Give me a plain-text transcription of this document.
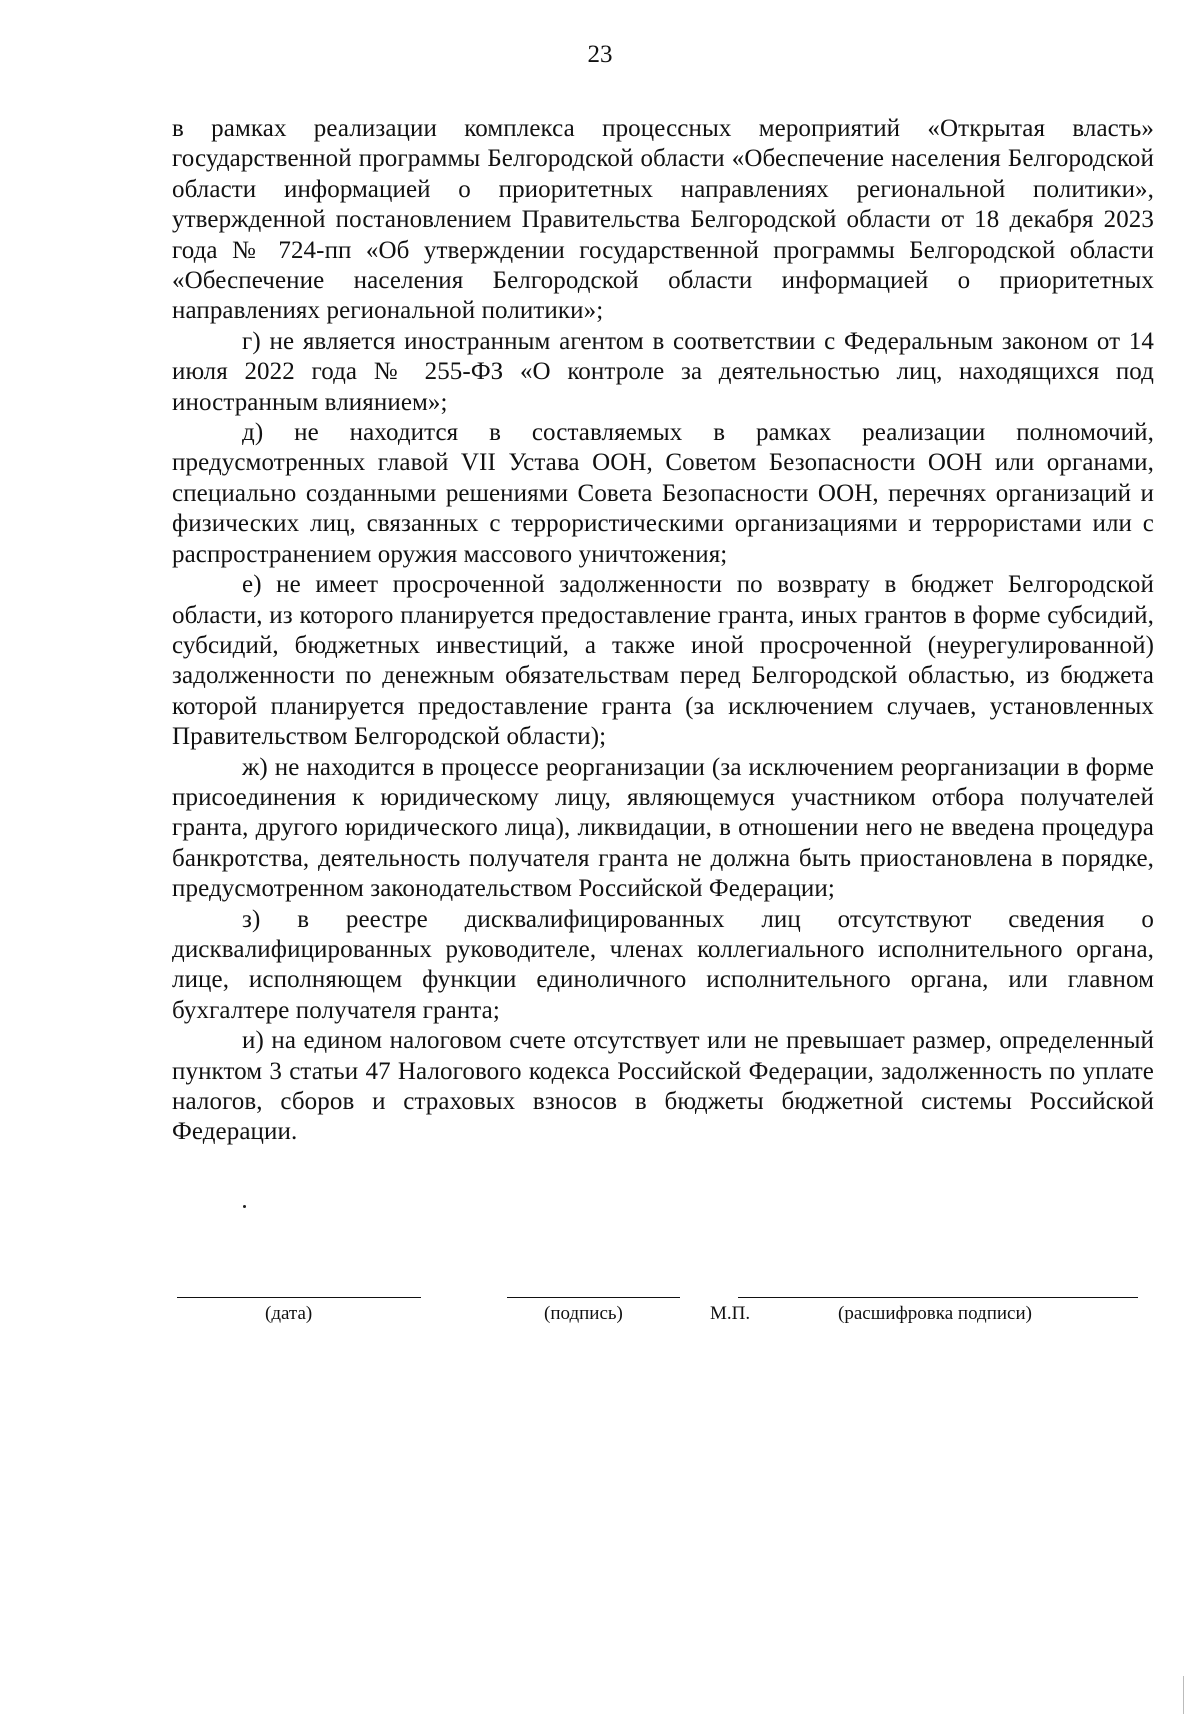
23

в рамках реализации комплекса процессных мероприятий «Открытая власть» государственной программы Белгородской области «Обеспечение населения Белгородской области информацией о приоритетных направлениях региональной политики», утвержденной постановлением Правительства Белгородской области от 18 декабря 2023 года № 724-пп «Об утверждении государственной программы Белгородской области «Обеспечение населения Белгородской области информацией о приоритетных направлениях региональной политики»;

г) не является иностранным агентом в соответствии с Федеральным законом от 14 июля 2022 года № 255-ФЗ «О контроле за деятельностью лиц, находящихся под иностранным влиянием»;

д) не находится в составляемых в рамках реализации полномочий, предусмотренных главой VII Устава ООН, Советом Безопасности ООН или органами, специально созданными решениями Совета Безопасности ООН, перечнях организаций и физических лиц, связанных с террористическими организациями и террористами или с распространением оружия массового уничтожения;

е) не имеет просроченной задолженности по возврату в бюджет Белгородской области, из которого планируется предоставление гранта, иных грантов в форме субсидий, субсидий, бюджетных инвестиций, а также иной просроченной (неурегулированной) задолженности по денежным обязательствам перед Белгородской областью, из бюджета которой планируется предоставление гранта (за исключением случаев, установленных Правительством Белгородской области);

ж) не находится в процессе реорганизации (за исключением реорганизации в форме присоединения к юридическому лицу, являющемуся участником отбора получателей гранта, другого юридического лица), ликвидации, в отношении него не введена процедура банкротства, деятельность получателя гранта не должна быть приостановлена в порядке, предусмотренном законодательством Российской Федерации;

з) в реестре дисквалифицированных лиц отсутствуют сведения о дисквалифицированных руководителе, членах коллегиального исполнительного органа, лице, исполняющем функции единоличного исполнительного органа, или главном бухгалтере получателя гранта;

и) на едином налоговом счете отсутствует или не превышает размер, определенный пунктом 3 статьи 47 Налогового кодекса Российской Федерации, задолженность по уплате налогов, сборов и страховых взносов в бюджеты бюджетной системы Российской Федерации.

(дата)	(подпись)	М.П.	(расшифровка подписи)
